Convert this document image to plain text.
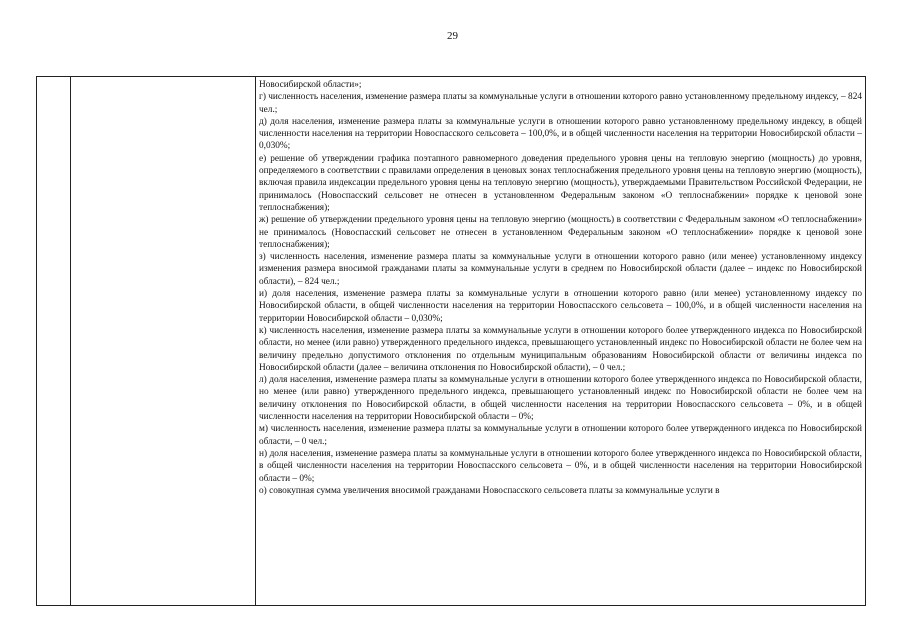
29

Новосибирской области»;

г) численность населения, изменение размера платы за коммунальные услуги в отношении которого равно установленному предельному индексу, – 824 чел.;

д) доля населения, изменение размера платы за коммунальные услуги в отношении которого равно установленному предельному индексу, в общей численности населения на территории Новоспасского сельсовета – 100,0%, и в общей численности населения на территории Новосибирской области – 0,030%;

е) решение об утверждении графика поэтапного равномерного доведения предельного уровня цены на тепловую энергию (мощность) до уровня, определяемого в соответствии с правилами определения в ценовых зонах теплоснабжения предельного уровня цены на тепловую энергию (мощность), включая правила индексации предельного уровня цены на тепловую энергию (мощность), утверждаемыми Правительством Российской Федерации, не принималось (Новоспасский сельсовет не отнесен в установленном Федеральным законом «О теплоснабжении» порядке к ценовой зоне теплоснабжения);

ж) решение об утверждении предельного уровня цены на тепловую энергию (мощность) в соответствии с Федеральным законом «О теплоснабжении» не принималось (Новоспасский сельсовет не отнесен в установленном Федеральным законом «О теплоснабжении» порядке к ценовой зоне теплоснабжения);

з) численность населения, изменение размера платы за коммунальные услуги в отношении которого равно (или менее) установленному индексу изменения размера вносимой гражданами платы за коммунальные услуги в среднем по Новосибирской области (далее – индекс по Новосибирской области), – 824 чел.;

и) доля населения, изменение размера платы за коммунальные услуги в отношении которого равно (или менее) установленному индексу по Новосибирской области, в общей численности населения на территории Новоспасского сельсовета – 100,0%, и в общей численности населения на территории Новосибирской области – 0,030%;

к) численность населения, изменение размера платы за коммунальные услуги в отношении которого более утвержденного индекса по Новосибирской области, но менее (или равно) утвержденного предельного индекса, превышающего установленный индекс по Новосибирской области не более чем на величину предельно допустимого отклонения по отдельным муниципальным образованиям Новосибирской области от величины индекса по Новосибирской области (далее – величина отклонения по Новосибирской области), – 0 чел.;

л) доля населения, изменение размера платы за коммунальные услуги в отношении которого более утвержденного индекса по Новосибирской области, но менее (или равно) утвержденного предельного индекса, превышающего установленный индекс по Новосибирской области не более чем на величину отклонения по Новосибирской области, в общей численности населения на территории Новоспасского сельсовета – 0%, и в общей численности населения на территории Новосибирской области – 0%;

м) численность населения, изменение размера платы за коммунальные услуги в отношении которого более утвержденного индекса по Новосибирской области, – 0 чел.;

н) доля населения, изменение размера платы за коммунальные услуги в отношении которого более утвержденного индекса по Новосибирской области, в общей численности населения на территории Новоспасского сельсовета – 0%, и в общей численности населения на территории Новосибирской области – 0%;

о) совокупная сумма увеличения вносимой гражданами Новоспасского сельсовета платы за коммунальные услуги в
